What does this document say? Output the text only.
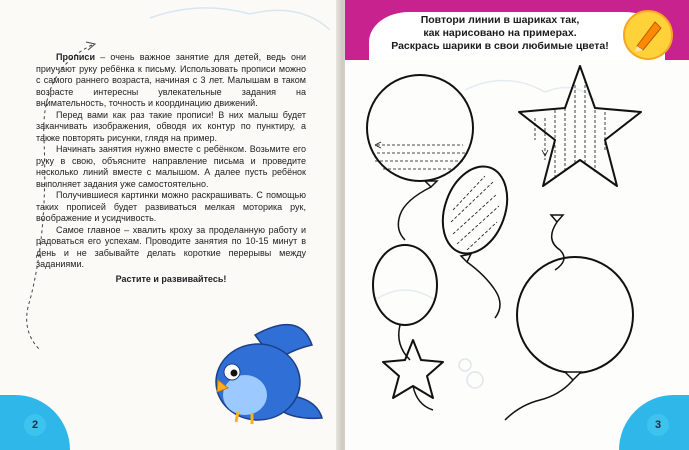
Прописи – очень важное занятие для детей, ведь они приучают руку ребёнка к письму. Использовать прописи можно с самого раннего возраста, начиная с 3 лет. Малышам в таком возрасте интересны увлекательные задания на внимательность, точность и координацию движений.

Перед вами как раз такие прописи! В них малыш будет заканчивать изображения, обводя их контур по пунктиру, а также повторять рисунки, глядя на пример.

Начинать занятия нужно вместе с ребёнком. Возьмите его руку в свою, объясните направление письма и проведите несколько линий вместе с малышом. А далее пусть ребёнок выполняет задания уже самостоятельно.

Получившиеся картинки можно раскрашивать. С помощью таких прописей будет развиваться мелкая моторика рук, воображение и усидчивость.

Самое главное – хвалить кроху за проделанную работу и радоваться его успехам. Проводите занятия по 10-15 минут в день и не забывайте делать короткие перерывы между заданиями.

Растите и развивайтесь!

2
Повтори линии в шариках так,
как нарисовано на примерах.
Раскрась шарики в свои любимые цвета!
3
